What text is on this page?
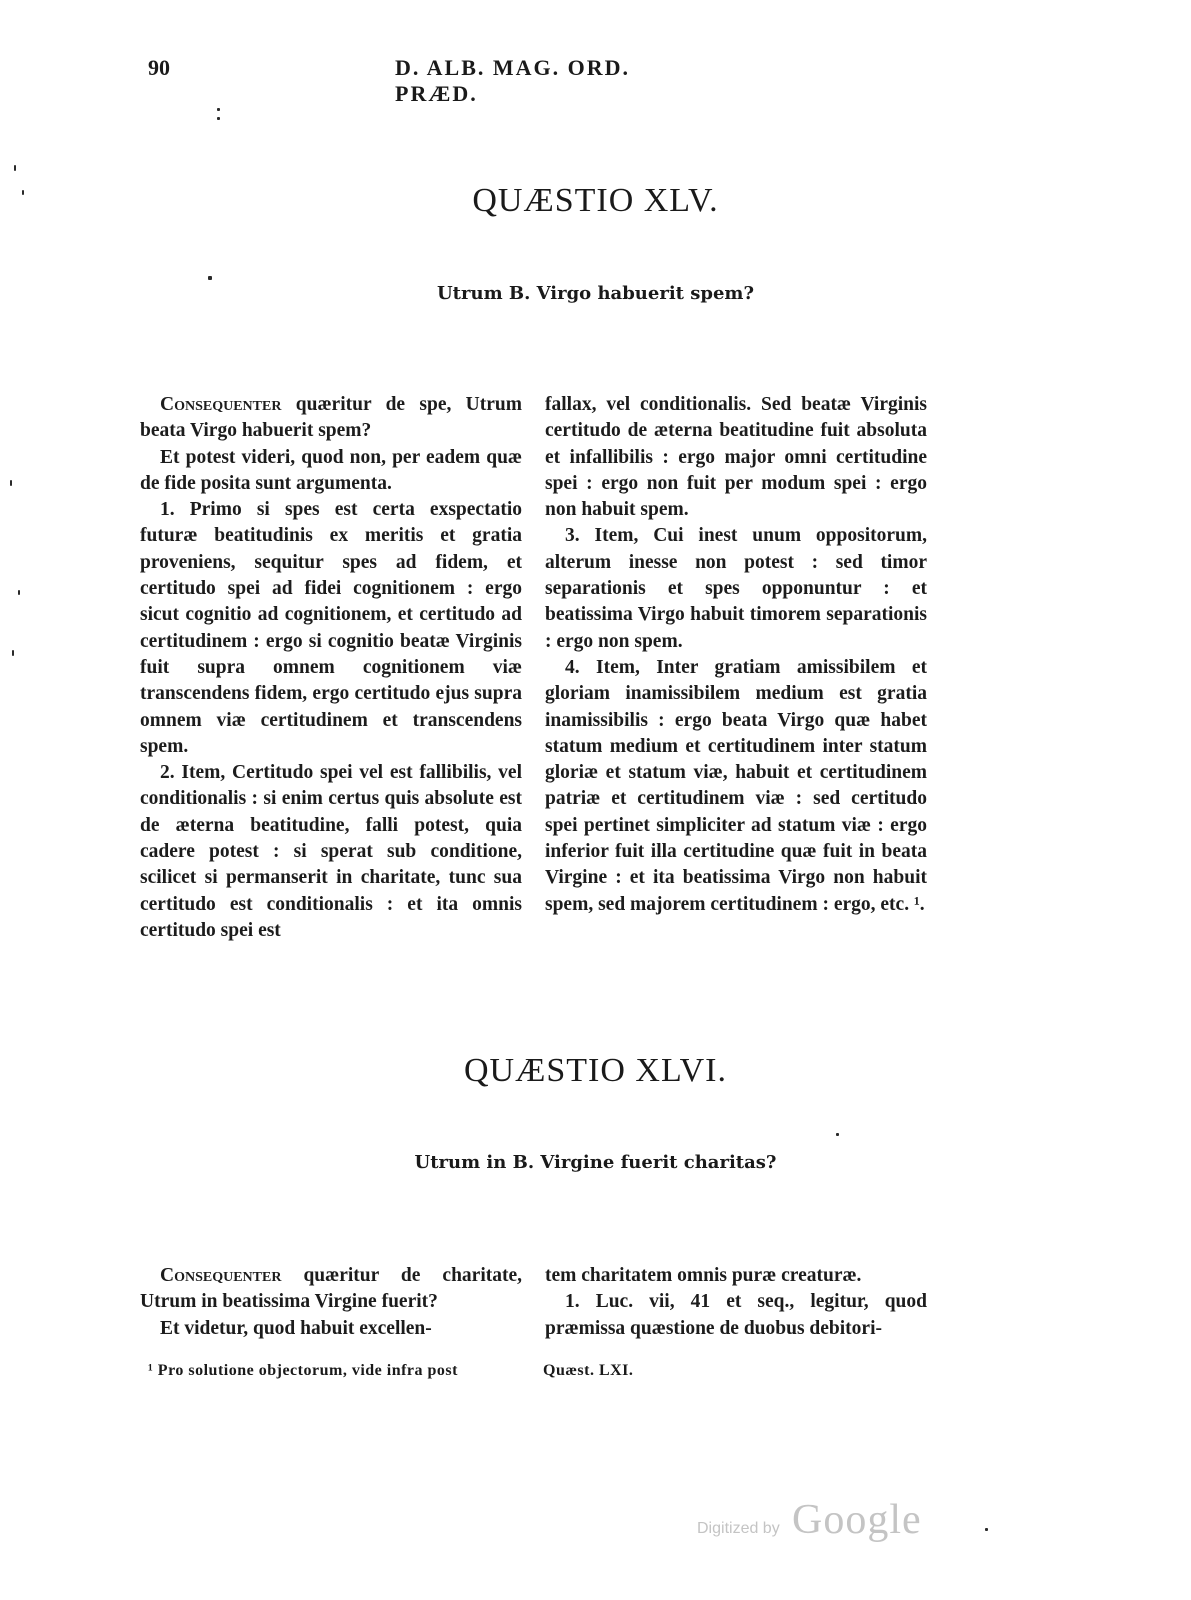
90	D. ALB. MAG. ORD. PRÆD.
QUÆSTIO XLV.
Utrum B. Virgo habuerit spem?

Consequenter quæritur de spe, Utrum beata Virgo habuerit spem?

Et potest videri, quod non, per eadem quæ de fide posita sunt argumenta.

1. Primo si spes est certa exspectatio futuræ beatitudinis ex meritis et gratia proveniens, sequitur spes ad fidem, et certitudo spei ad fidei cognitionem : ergo sicut cognitio ad cognitionem, et certitudo ad certitudinem : ergo si cognitio beatæ Virginis fuit supra omnem cognitionem viæ transcendens fidem, ergo certitudo ejus supra omnem viæ certitudinem et transcendens spem.

2. Item, Certitudo spei vel est fallibilis, vel conditionalis : si enim certus quis absolute est de æterna beatitudine, falli potest, quia cadere potest : si sperat sub conditione, scilicet si permanserit in charitate, tunc sua certitudo est conditionalis : et ita omnis certitudo spei est

fallax, vel conditionalis. Sed beatæ Virginis certitudo de æterna beatitudine fuit absoluta et infallibilis : ergo major omni certitudine spei : ergo non fuit per modum spei : ergo non habuit spem.

3. Item, Cui inest unum oppositorum, alterum inesse non potest : sed timor separationis et spes opponuntur : et beatissima Virgo habuit timorem separationis : ergo non spem.

4. Item, Inter gratiam amissibilem et gloriam inamissibilem medium est gratia inamissibilis : ergo beata Virgo quæ habet statum medium et certitudinem inter statum gloriæ et statum viæ, habuit et certitudinem patriæ et certitudinem viæ : sed certitudo spei pertinet simpliciter ad statum viæ : ergo inferior fuit illa certitudine quæ fuit in beata Virgine : et ita beatissima Virgo non habuit spem, sed majorem certitudinem : ergo, etc. ¹.

QUÆSTIO XLVI.
Utrum in B. Virgine fuerit charitas?

Consequenter quæritur de charitate, Utrum in beatissima Virgine fuerit?

Et videtur, quod habuit excellen-

tem charitatem omnis puræ creaturæ.

1. Luc. vii, 41 et seq., legitur, quod præmissa quæstione de duobus debitori-

¹ Pro solutione objectorum, vide infra post	Quæst. LXI.
Digitized by Google
